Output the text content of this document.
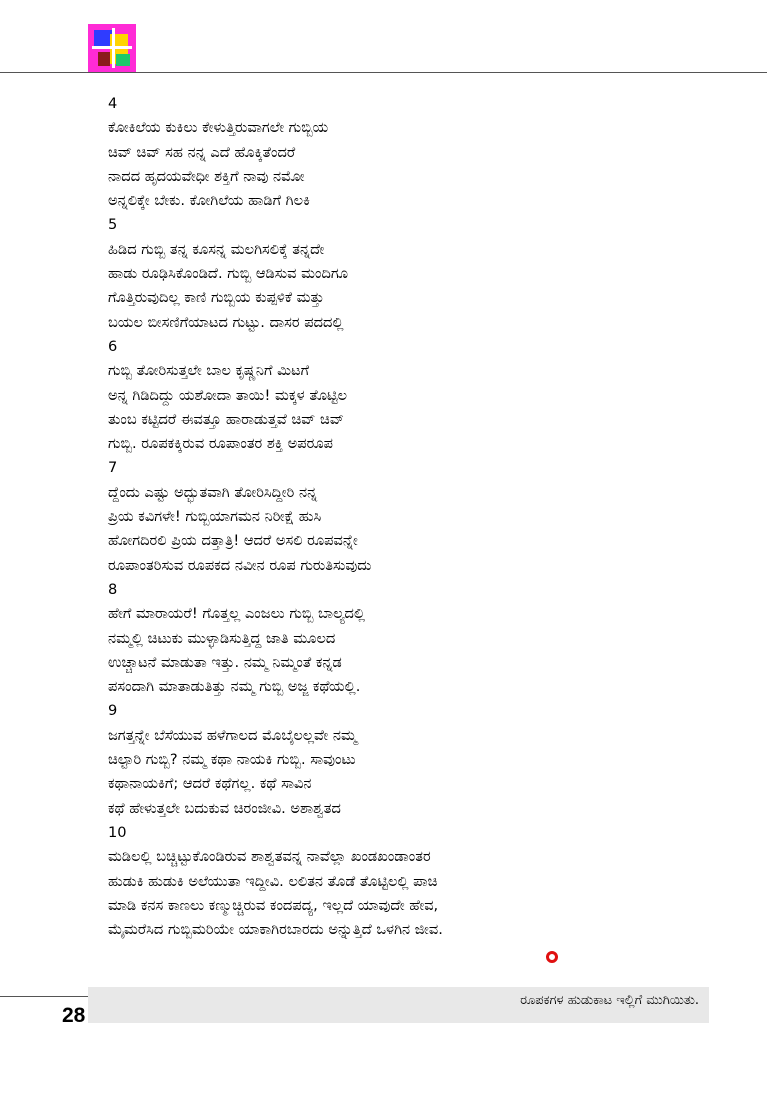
4
ಕೋಕಿಲೆಯ ಕುಕಿಲು ಕೇಳುತ್ತಿರುವಾಗಲೇ ಗುಬ್ಬಿಯ
ಚಿವ್ ಚಿವ್ ಸಹ ನನ್ನ ಎದೆ ಹೊಕ್ಕಿತೆಂದರೆ
ನಾದದ ಹೃದಯವೇಧೀ ಶಕ್ತಿಗೆ ನಾವು ನಮೋ
ಅನ್ನಲಿಕ್ಕೇ ಬೇಕು. ಕೋಗಿಲೆಯ ಹಾಡಿಗೆ ಗಿಲಕಿ
5
ಹಿಡಿದ ಗುಬ್ಬಿ ತನ್ನ ಕೂಸನ್ನ ಮಲಗಿಸಲಿಕ್ಕೆ ತನ್ನದೇ
ಹಾಡು ರೂಢಿಸಿಕೊಂಡಿದೆ. ಗುಬ್ಬಿ ಆಡಿಸುವ ಮಂದಿಗೂ
ಗೊತ್ತಿರುವುದಿಲ್ಲ ಕಾಣಿ ಗುಬ್ಬಿಯ ಕುಪ್ಪಳಿಕೆ ಮತ್ತು
ಬಯಲ ಬೀಸಣಿಗೆಯಾಟದ ಗುಟ್ಟು. ದಾಸರ ಪದದಲ್ಲಿ
6
ಗುಬ್ಬಿ ತೋರಿಸುತ್ತಲೇ ಬಾಲ ಕೃಷ್ಣನಿಗೆ ಮಿಟಗೆ
ಅನ್ನ ಗಿಡಿದಿದ್ದು ಯಶೋದಾ ತಾಯಿ! ಮಕ್ಕಳ ತೊಟ್ಟಿಲ
ತುಂಬ ಕಟ್ಟಿದರೆ ಈವತ್ತೂ ಹಾರಾಡುತ್ತವೆ ಚಿವ್ ಚಿವ್
ಗುಬ್ಬಿ. ರೂಪಕಕ್ಕಿರುವ ರೂಪಾಂತರ ಶಕ್ತಿ ಅಪರೂಪ
7
ದ್ದೆಂದು ಎಷ್ಟು ಅದ್ಭುತವಾಗಿ ತೋರಿಸಿದ್ದೀರಿ ನನ್ನ
ಪ್ರಿಯ ಕವಿಗಳೇ! ಗುಬ್ಬಿಯಾಗಮನ ನಿರೀಕ್ಷೆ ಹುಸಿ
ಹೋಗದಿರಲಿ ಪ್ರಿಯ ದತ್ತಾತ್ರಿ! ಆದರೆ ಅಸಲಿ ರೂಪವನ್ನೇ
ರೂಪಾಂತರಿಸುವ ರೂಪಕದ ನವೀನ ರೂಪ ಗುರುತಿಸುವುದು
8
ಹೇಗೆ ಮಾರಾಯರೆ! ಗೊತ್ತಲ್ಲ ಎಂಜಲು ಗುಬ್ಬಿ ಬಾಲ್ಯದಲ್ಲಿ
ನಮ್ಮಲ್ಲಿ ಚಿಟುಕು ಮುಳ್ಳಾಡಿಸುತ್ತಿದ್ದ ಜಾತಿ ಮೂಲದ
ಉಚ್ಚಾಟನೆ ಮಾಡುತಾ ಇತ್ತು. ನಮ್ಮ ನಿಮ್ಮಂತೆ ಕನ್ನಡ
ಪಸಂದಾಗಿ ಮಾತಾಡುತಿತ್ತು ನಮ್ಮ ಗುಬ್ಬಿ ಅಜ್ಜ ಕಥೆಯಲ್ಲಿ.
9
ಜಗತ್ತನ್ನೇ ಬೆಸೆಯುವ ಹಳೆಗಾಲದ ಮೊಬೈಲಲ್ಲವೇ ನಮ್ಮ
ಚಿಲ್ಟಾರಿ ಗುಬ್ಬಿ? ನಮ್ಮ ಕಥಾ ನಾಯಕಿ ಗುಬ್ಬಿ. ಸಾವುಂಟು
ಕಥಾನಾಯಕಿಗೆ; ಆದರೆ ಕಥೆಗಲ್ಲ. ಕಥೆ ಸಾವಿನ
ಕಥೆ ಹೇಳುತ್ತಲೇ ಬದುಕುವ ಚಿರಂಜೀವಿ. ಅಶಾಶ್ವತದ
10
ಮಡಿಲಲ್ಲಿ ಬಚ್ಚಿಟ್ಟುಕೊಂಡಿರುವ ಶಾಶ್ವತವನ್ನ ನಾವೆಲ್ಲಾ ಖಂಡಖಂಡಾಂತರ
ಹುಡುಕಿ ಹುಡುಕಿ ಅಲೆಯುತಾ ಇದ್ದೀವಿ. ಲಲಿತನ ತೊಡೆ ತೊಟ್ಟಿಲಲ್ಲಿ ಪಾಚಿ
ಮಾಡಿ ಕನಸ ಕಾಣಲು ಕಣ್ಮುಚ್ಚಿರುವ ಕಂದಪದ್ಯ, ಇಲ್ಲದೆ ಯಾವುದೇ ಹೇವ,
ಮೈಮರೆಸಿದ ಗುಬ್ಬಿಮರಿಯೇ ಯಾಕಾಗಿರಬಾರದು ಅನ್ನುತ್ತಿದೆ ಒಳಗಿನ ಜೀವ.
ರೂಪಕಗಳ ಹುಡುಕಾಟ ಇಲ್ಲಿಗೆ ಮುಗಿಯಿತು.
28
